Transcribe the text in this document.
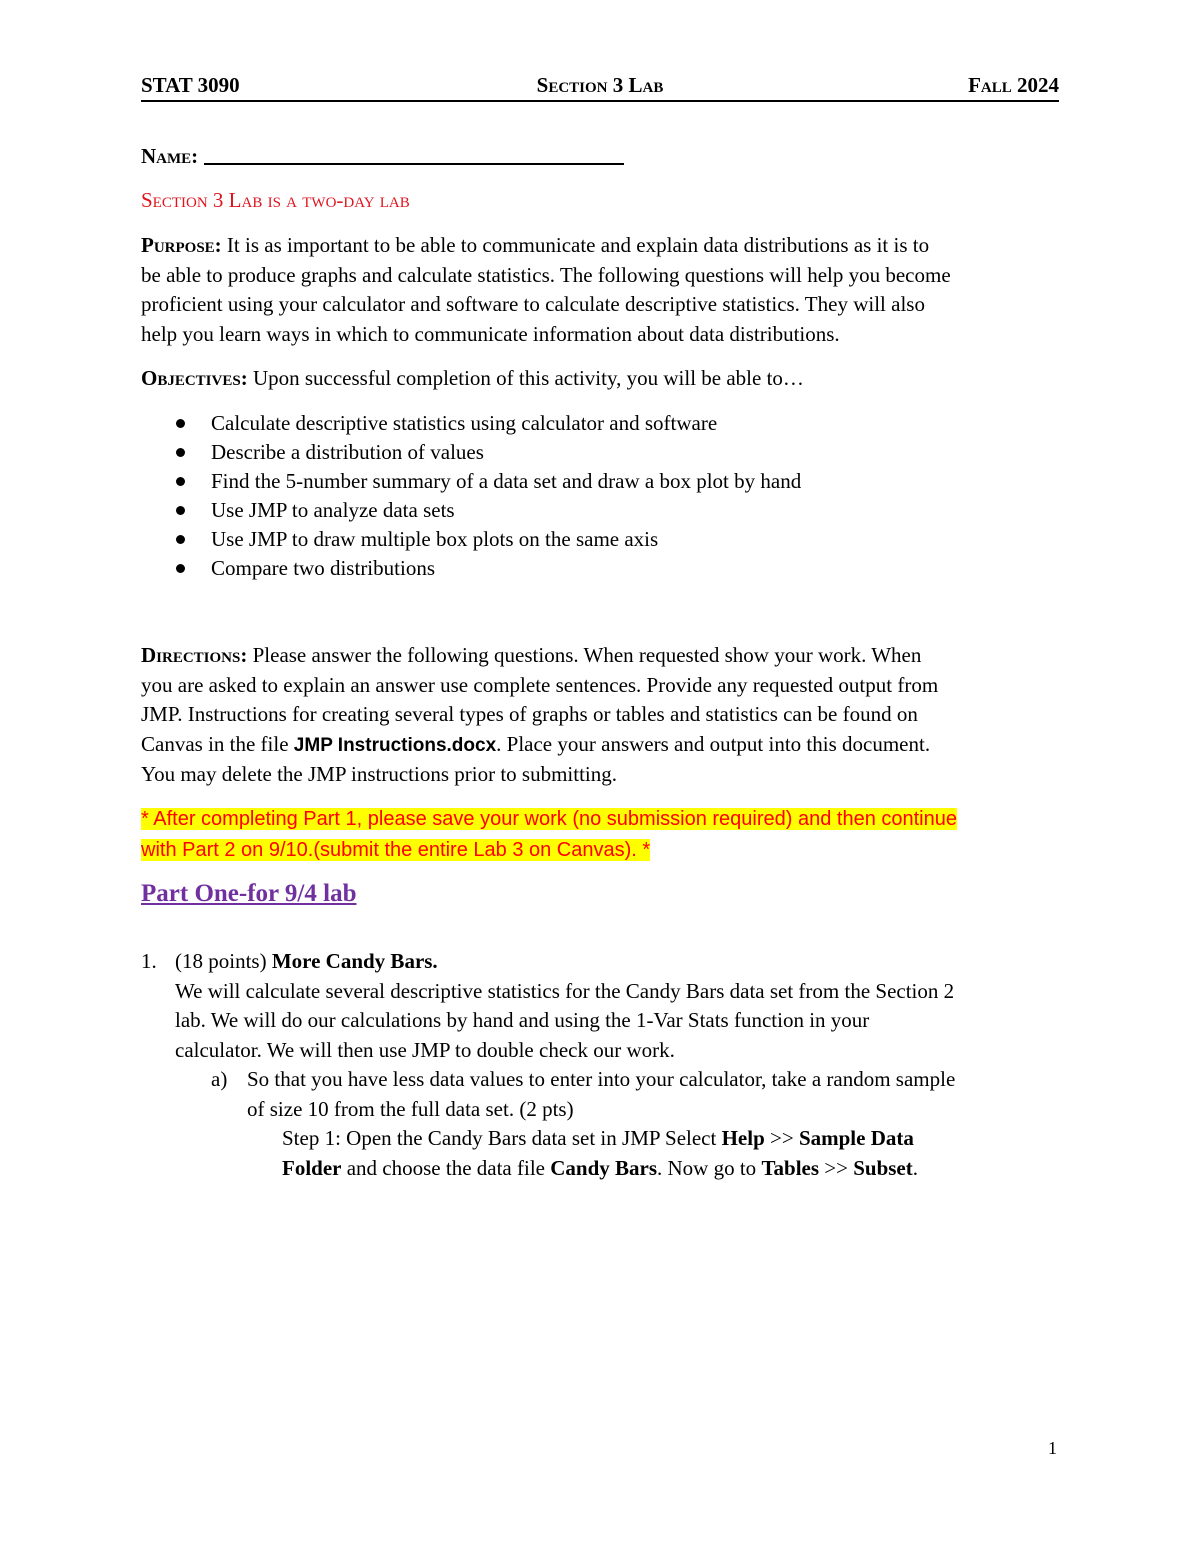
STAT 3090	Section 3 Lab	Fall 2024
Name:
Section 3 Lab is a two-day lab
Purpose: It is as important to be able to communicate and explain data distributions as it is to
be able to produce graphs and calculate statistics. The following questions will help you become
proficient using your calculator and software to calculate descriptive statistics. They will also
help you learn ways in which to communicate information about data distributions.
Objectives: Upon successful completion of this activity, you will be able to…
Calculate descriptive statistics using calculator and software
Describe a distribution of values
Find the 5-number summary of a data set and draw a box plot by hand
Use JMP to analyze data sets
Use JMP to draw multiple box plots on the same axis
Compare two distributions
Directions: Please answer the following questions. When requested show your work. When
you are asked to explain an answer use complete sentences. Provide any requested output from
JMP. Instructions for creating several types of graphs or tables and statistics can be found on
Canvas in the file JMP Instructions.docx. Place your answers and output into this document.
You may delete the JMP instructions prior to submitting.
* After completing Part 1, please save your work (no submission required) and then continue
with Part 2 on 9/10.(submit the entire Lab 3 on Canvas). *
Part One-for 9/4 lab
1. (18 points) More Candy Bars.
We will calculate several descriptive statistics for the Candy Bars data set from the Section 2
lab. We will do our calculations by hand and using the 1-Var Stats function in your
calculator. We will then use JMP to double check our work.
a) So that you have less data values to enter into your calculator, take a random sample
of size 10 from the full data set. (2 pts)
Step 1: Open the Candy Bars data set in JMP Select Help >> Sample Data
Folder and choose the data file Candy Bars. Now go to Tables >> Subset.
1
